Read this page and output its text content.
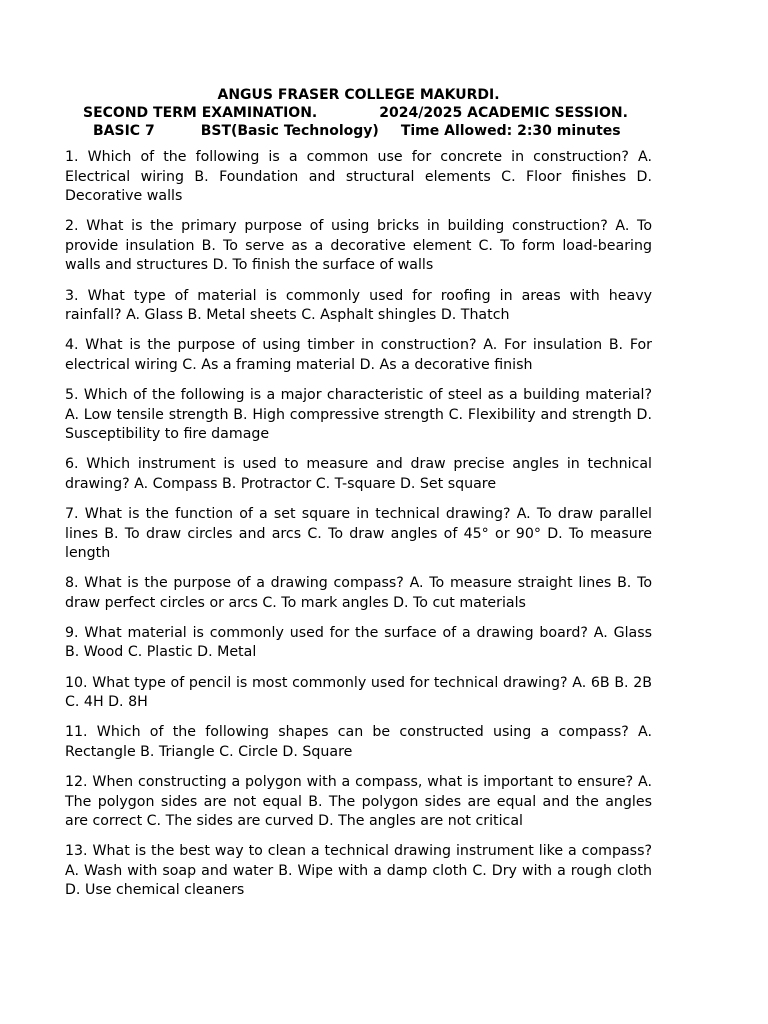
ANGUS FRASER COLLEGE MAKURDI.
SECOND TERM EXAMINATION.	2024/2025 ACADEMIC SESSION.
BASIC 7	BST(Basic Technology) Time Allowed: 2:30 minutes

1. Which of the following is a common use for concrete in construction? A. Electrical wiring B. Foundation and structural elements C. Floor finishes D. Decorative walls

2. What is the primary purpose of using bricks in building construction? A. To provide insulation B. To serve as a decorative element C. To form load-bearing walls and structures D. To finish the surface of walls

3. What type of material is commonly used for roofing in areas with heavy rainfall? A. Glass B. Metal sheets C. Asphalt shingles D. Thatch

4. What is the purpose of using timber in construction? A. For insulation B. For electrical wiring C. As a framing material D. As a decorative finish

5. Which of the following is a major characteristic of steel as a building material? A. Low tensile strength B. High compressive strength C. Flexibility and strength D. Susceptibility to fire damage

6. Which instrument is used to measure and draw precise angles in technical drawing? A. Compass B. Protractor C. T-square D. Set square

7. What is the function of a set square in technical drawing? A. To draw parallel lines B. To draw circles and arcs C. To draw angles of 45° or 90° D. To measure length

8. What is the purpose of a drawing compass? A. To measure straight lines B. To draw perfect circles or arcs C. To mark angles D. To cut materials

9. What material is commonly used for the surface of a drawing board? A. Glass B. Wood C. Plastic D. Metal

10. What type of pencil is most commonly used for technical drawing? A. 6B B. 2B C. 4H D. 8H

11. Which of the following shapes can be constructed using a compass? A. Rectangle B. Triangle C. Circle D. Square

12. When constructing a polygon with a compass, what is important to ensure? A. The polygon sides are not equal B. The polygon sides are equal and the angles are correct C. The sides are curved D. The angles are not critical

13. What is the best way to clean a technical drawing instrument like a compass? A. Wash with soap and water B. Wipe with a damp cloth C. Dry with a rough cloth D. Use chemical cleaners
